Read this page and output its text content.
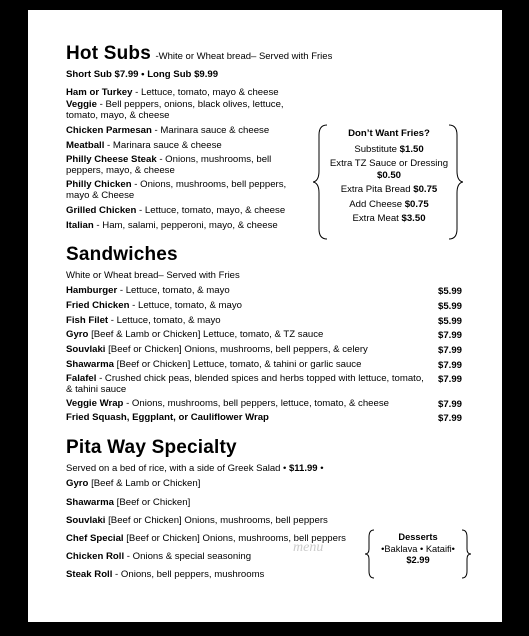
Hot Subs -White or Wheat bread– Served with Fries
Short Sub $7.99 • Long Sub $9.99
Ham or Turkey - Lettuce, tomato, mayo & cheese
Veggie - Bell peppers, onions, black olives, lettuce, tomato, mayo, & cheese
Chicken Parmesan - Marinara sauce & cheese
Meatball - Marinara sauce & cheese
Philly Cheese Steak - Onions, mushrooms, bell peppers, mayo, & cheese
Philly Chicken - Onions, mushrooms, bell peppers, mayo & Cheese
Grilled Chicken - Lettuce, tomato, mayo, & cheese
Italian - Ham, salami, pepperoni, mayo, & cheese
Don’t Want Fries?
Substitute $1.50
Extra TZ Sauce or Dressing
$0.50
Extra Pita Bread $0.75
Add Cheese $0.75
Extra Meat $3.50
Sandwiches
White or Wheat bread– Served with Fries
Hamburger - Lettuce, tomato, & mayo	$5.99
Fried Chicken - Lettuce, tomato, & mayo	$5.99
Fish Filet - Lettuce, tomato, & mayo	$5.99
Gyro [Beef & Lamb or Chicken] Lettuce, tomato, & TZ sauce	$7.99
Souvlaki [Beef or Chicken] Onions, mushrooms, bell peppers, & celery	$7.99
Shawarma [Beef or Chicken] Lettuce, tomato, & tahini or garlic sauce	$7.99
Falafel - Crushed chick peas, blended spices and herbs topped with lettuce, tomato, & tahini sauce
$7.99
Veggie Wrap - Onions, mushrooms, bell peppers, lettuce, tomato, & cheese	$7.99
Fried Squash, Eggplant, or Cauliflower Wrap	$7.99
Pita Way Specialty
Served on a bed of rice, with a side of Greek Salad • $11.99 •
Gyro [Beef & Lamb or Chicken]
Shawarma [Beef or Chicken]
Souvlaki [Beef or Chicken] Onions, mushrooms, bell peppers
Chef Special [Beef or Chicken] Onions, mushrooms, bell peppers
Chicken Roll - Onions & special seasoning
Steak Roll - Onions, bell peppers, mushrooms
menu
Desserts
•Baklava • Kataifi•
$2.99
